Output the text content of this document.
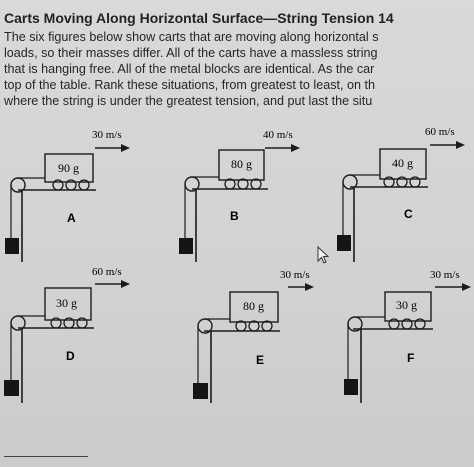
Carts Moving Along Horizontal Surface—String Tension 14
The six figures below show carts that are moving along horizontal s
loads, so their masses differ. All of the carts have a massless string
that is hanging free. All of the metal blocks are identical. As the car
top of the table. Rank these situations, from greatest to least, on th
where the string is under the greatest tension, and put last the situ
30 m/s
90 g
A
40 m/s
80 g
B
60 m/s
40 g
C
60 m/s
30 g
D
30 m/s
80 g
E
30 m/s
30 g
F
